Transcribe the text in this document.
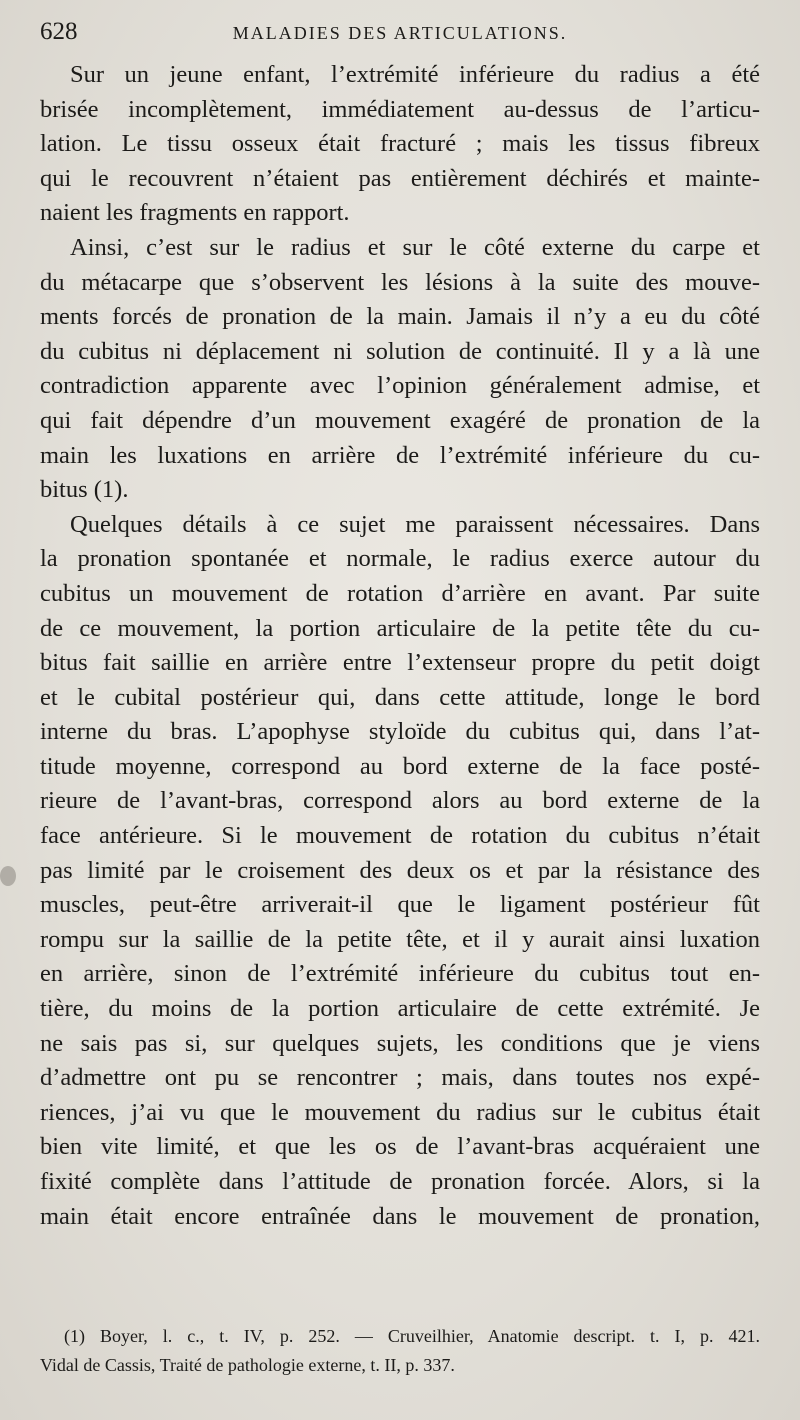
628	MALADIES DES ARTICULATIONS.
Sur un jeune enfant, l’extrémité inférieure du radius a été
brisée incomplètement, immédiatement au-dessus de l’articu-
lation. Le tissu osseux était fracturé ; mais les tissus fibreux
qui le recouvrent n’étaient pas entièrement déchirés et mainte-
naient les fragments en rapport.
Ainsi, c’est sur le radius et sur le côté externe du carpe et
du métacarpe que s’observent les lésions à la suite des mouve-
ments forcés de pronation de la main. Jamais il n’y a eu du côté
du cubitus ni déplacement ni solution de continuité. Il y a là une
contradiction apparente avec l’opinion généralement admise, et
qui fait dépendre d’un mouvement exagéré de pronation de la
main les luxations en arrière de l’extrémité inférieure du cu-
bitus (1).
Quelques détails à ce sujet me paraissent nécessaires. Dans
la pronation spontanée et normale, le radius exerce autour du
cubitus un mouvement de rotation d’arrière en avant. Par suite
de ce mouvement, la portion articulaire de la petite tête du cu-
bitus fait saillie en arrière entre l’extenseur propre du petit doigt
et le cubital postérieur qui, dans cette attitude, longe le bord
interne du bras. L’apophyse styloïde du cubitus qui, dans l’at-
titude moyenne, correspond au bord externe de la face posté-
rieure de l’avant-bras, correspond alors au bord externe de la
face antérieure. Si le mouvement de rotation du cubitus n’était
pas limité par le croisement des deux os et par la résistance des
muscles, peut-être arriverait-il que le ligament postérieur fût
rompu sur la saillie de la petite tête, et il y aurait ainsi luxation
en arrière, sinon de l’extrémité inférieure du cubitus tout en-
tière, du moins de la portion articulaire de cette extrémité. Je
ne sais pas si, sur quelques sujets, les conditions que je viens
d’admettre ont pu se rencontrer ; mais, dans toutes nos expé-
riences, j’ai vu que le mouvement du radius sur le cubitus était
bien vite limité, et que les os de l’avant-bras acquéraient une
fixité complète dans l’attitude de pronation forcée. Alors, si la
main était encore entraînée dans le mouvement de pronation,
(1) Boyer, l. c., t. IV, p. 252. — Cruveilhier, Anatomie descript. t. I, p. 421.
Vidal de Cassis, Traité de pathologie externe, t. II, p. 337.
